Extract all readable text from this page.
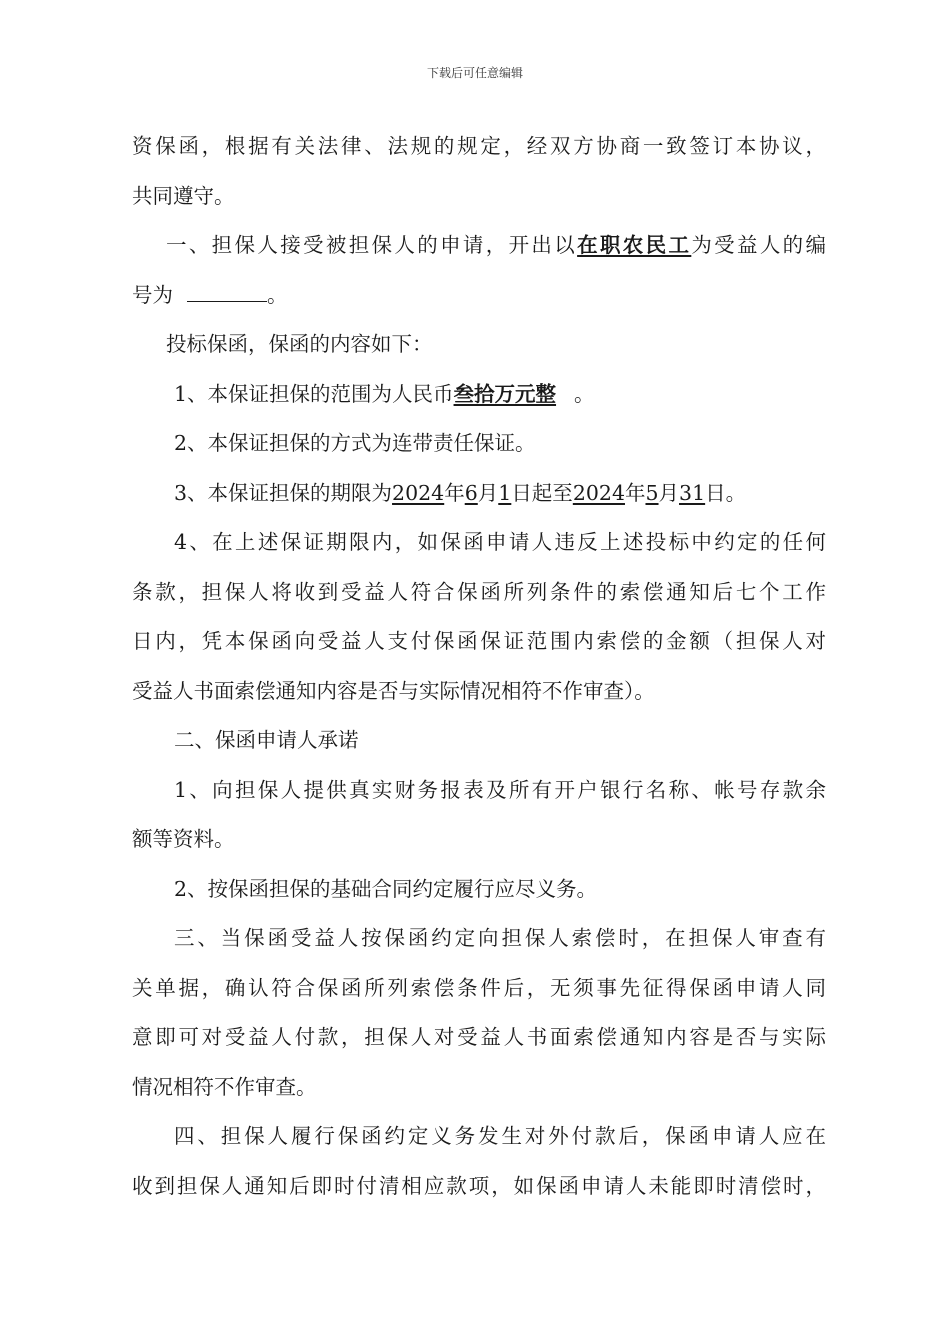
下载后可任意编辑
资保函，根据有关法律、法规的规定，经双方协商一致签订本协议，
共同遵守。
一、担保人接受被担保人的申请，开出以在职农民工为受益人的编
号为	。
投标保函，保函的内容如下：
1、本保证担保的范围为人民币叁拾万元整 。
2、本保证担保的方式为连带责任保证。
3、本保证担保的期限为2024年6月1日起至2024年5月31日。
4、在上述保证期限内，如保函申请人违反上述投标中约定的任何
条款，担保人将收到受益人符合保函所列条件的索偿通知后七个工作
日内，凭本保函向受益人支付保函保证范围内索偿的金额（担保人对
受益人书面索偿通知内容是否与实际情况相符不作审查）。
二、保函申请人承诺
1、向担保人提供真实财务报表及所有开户银行名称、帐号存款余
额等资料。
2、按保函担保的基础合同约定履行应尽义务。
三、当保函受益人按保函约定向担保人索偿时，在担保人审查有
关单据，确认符合保函所列索偿条件后，无须事先征得保函申请人同
意即可对受益人付款，担保人对受益人书面索偿通知内容是否与实际
情况相符不作审查。
四、担保人履行保函约定义务发生对外付款后，保函申请人应在
收到担保人通知后即时付清相应款项，如保函申请人未能即时清偿时，
